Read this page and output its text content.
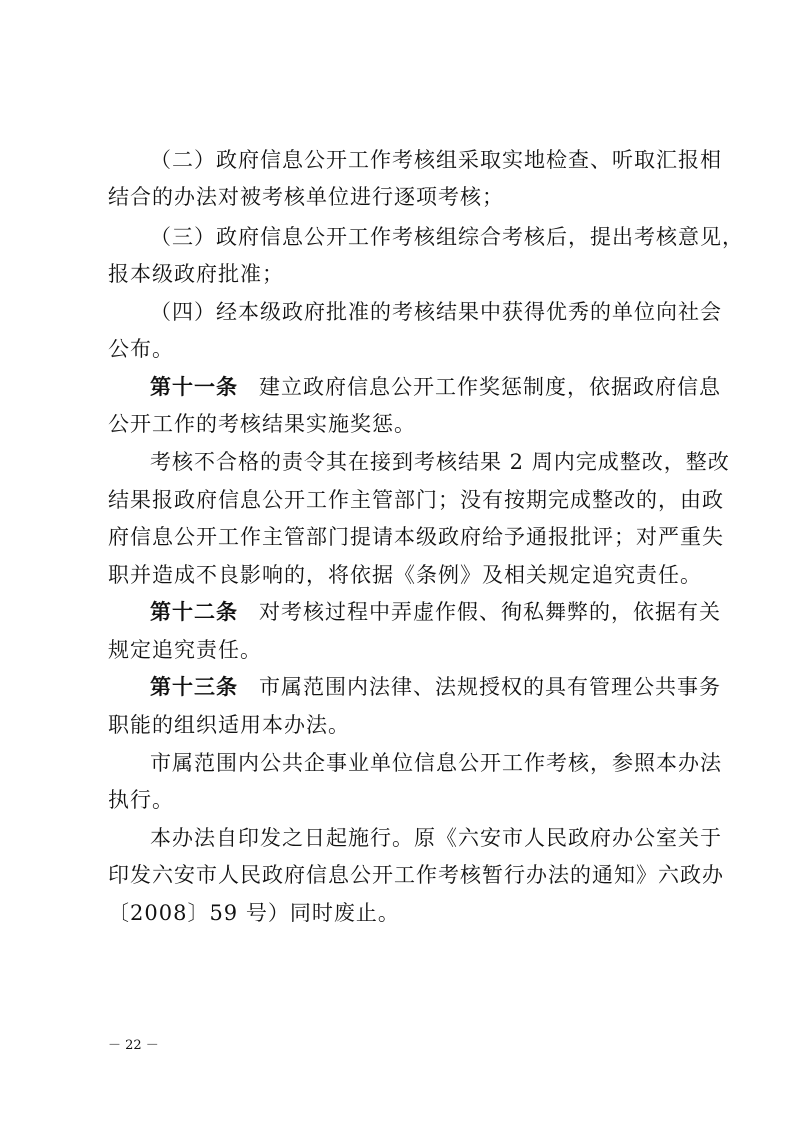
（二）政府信息公开工作考核组采取实地检查、听取汇报相

结合的办法对被考核单位进行逐项考核；

（三）政府信息公开工作考核组综合考核后，提出考核意见，

报本级政府批准；

（四）经本级政府批准的考核结果中获得优秀的单位向社会

公布。

第十一条 建立政府信息公开工作奖惩制度，依据政府信息

公开工作的考核结果实施奖惩。

考核不合格的责令其在接到考核结果 2 周内完成整改，整改

结果报政府信息公开工作主管部门；没有按期完成整改的，由政

府信息公开工作主管部门提请本级政府给予通报批评；对严重失

职并造成不良影响的，将依据《条例》及相关规定追究责任。

第十二条 对考核过程中弄虚作假、徇私舞弊的，依据有关

规定追究责任。

第十三条 市属范围内法律、法规授权的具有管理公共事务

职能的组织适用本办法。

市属范围内公共企事业单位信息公开工作考核，参照本办法

执行。

本办法自印发之日起施行。原《六安市人民政府办公室关于

印发六安市人民政府信息公开工作考核暂行办法的通知》六政办

〔2008〕59 号）同时废止。

－ 22 －
